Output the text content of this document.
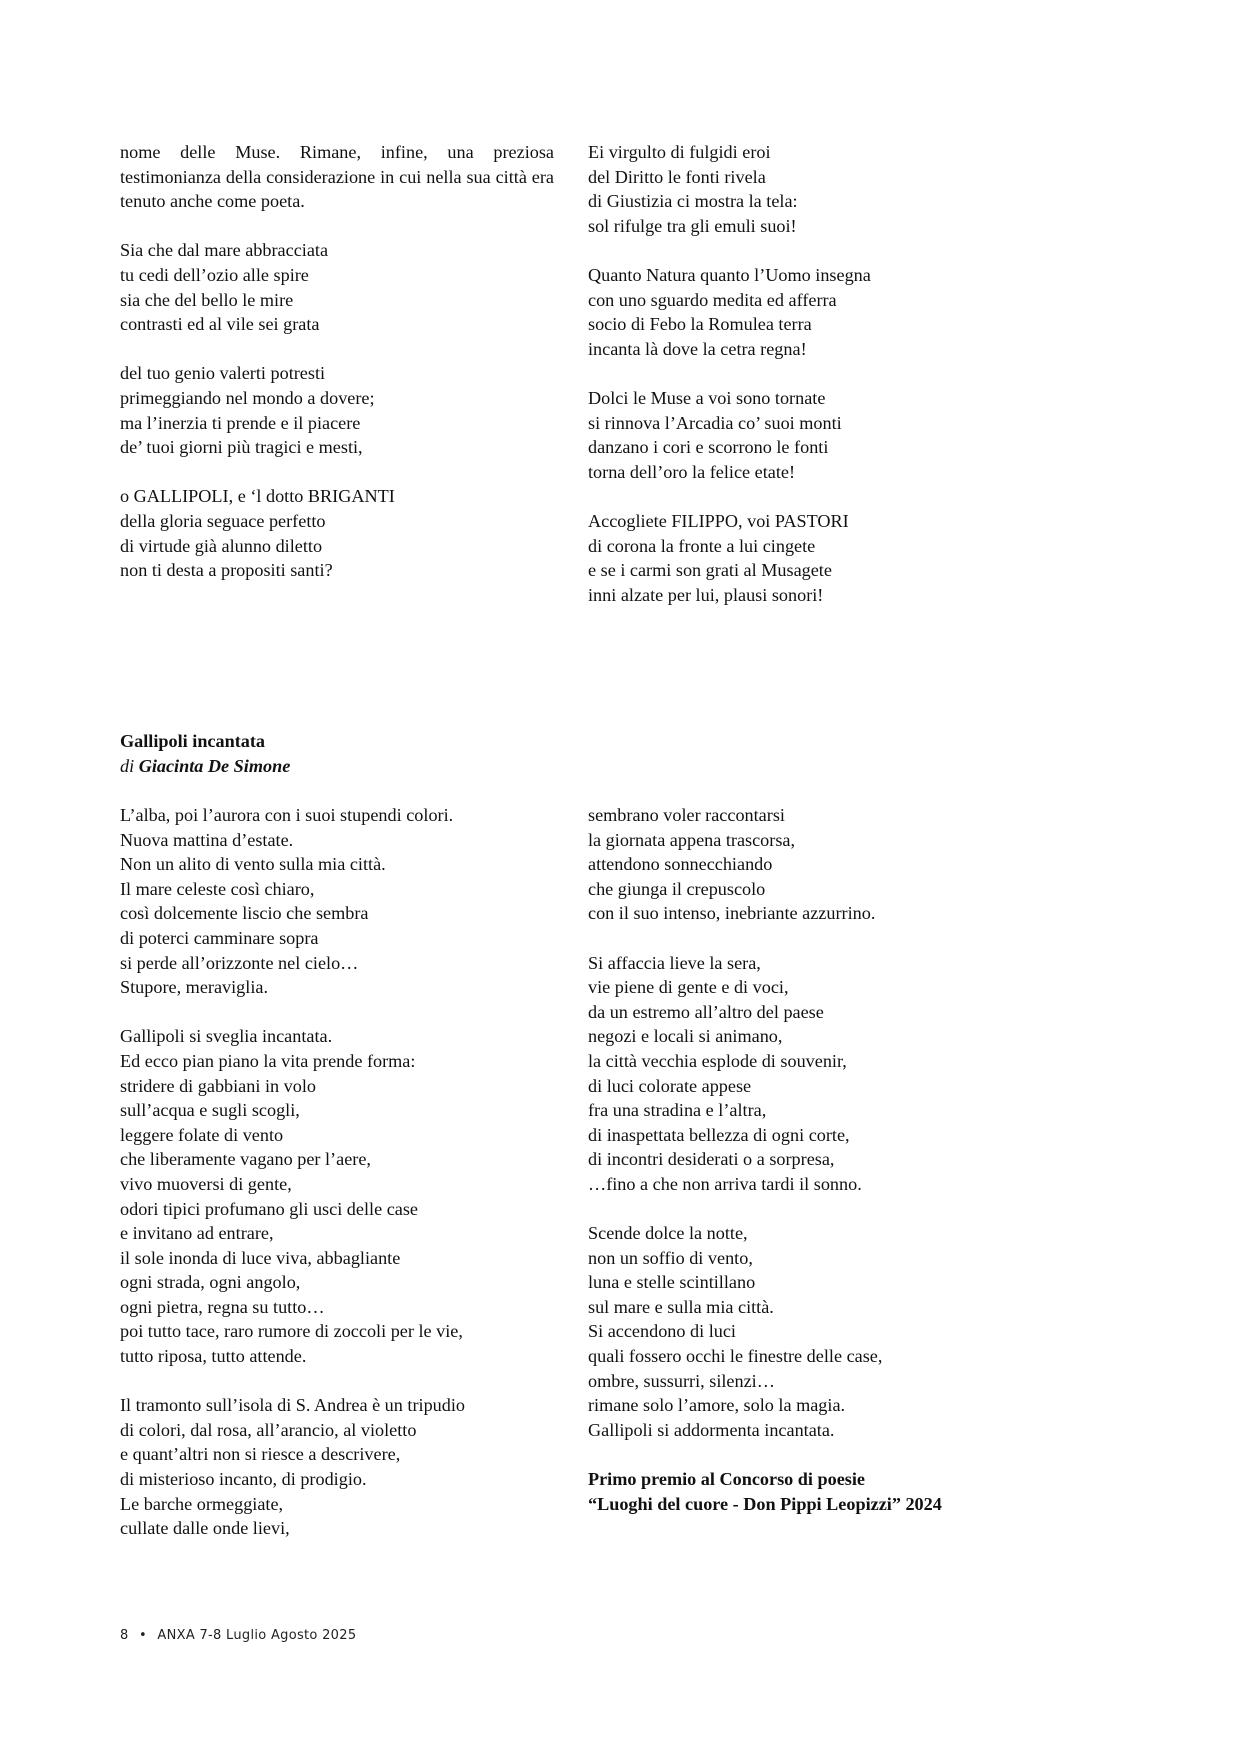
nome delle Muse. Rimane, infine, una preziosa testimonianza della considerazione in cui nella sua città era tenuto anche come poeta.
Sia che dal mare abbracciata
tu cedi dell’ozio alle spire
sia che del bello le mire
contrasti ed al vile sei grata
del tuo genio valerti potresti
primeggiando nel mondo a dovere;
ma l’inerzia ti prende e il piacere
de’ tuoi giorni più tragici e mesti,
o GALLIPOLI, e ‘l dotto BRIGANTI
della gloria seguace perfetto
di virtude già alunno diletto
non ti desta a propositi santi?
Ei virgulto di fulgidi eroi
del Diritto le fonti rivela
di Giustizia ci mostra la tela:
sol rifulge tra gli emuli suoi!
Quanto Natura quanto l’Uomo insegna
con uno sguardo medita ed afferra
socio di Febo la Romulea terra
incanta là dove la cetra regna!
Dolci le Muse a voi sono tornate
si rinnova l’Arcadia co’ suoi monti
danzano i cori e scorrono le fonti
torna dell’oro la felice etate!
Accogliete FILIPPO, voi PASTORI
di corona la fronte a lui cingete
e se i carmi son grati al Musagete
inni alzate per lui, plausi sonori!
Gallipoli incantata
di Giacinta De Simone
L’alba, poi l’aurora con i suoi stupendi colori.
Nuova mattina d’estate.
Non un alito di vento sulla mia città.
Il mare celeste così chiaro,
così dolcemente liscio che sembra
di poterci camminare sopra
si perde all’orizzonte nel cielo…
Stupore, meraviglia.
Gallipoli si sveglia incantata.
Ed ecco pian piano la vita prende forma:
stridere di gabbiani in volo
sull’acqua e sugli scogli,
leggere folate di vento
che liberamente vagano per l’aere,
vivo muoversi di gente,
odori tipici profumano gli usci delle case
e invitano ad entrare,
il sole inonda di luce viva, abbagliante
ogni strada, ogni angolo,
ogni pietra, regna su tutto…
poi tutto tace, raro rumore di zoccoli per le vie,
tutto riposa, tutto attende.
Il tramonto sull’isola di S. Andrea è un tripudio
di colori, dal rosa, all’arancio, al violetto
e quant’altri non si riesce a descrivere,
di misterioso incanto, di prodigio.
Le barche ormeggiate,
cullate dalle onde lievi,
sembrano voler raccontarsi
la giornata appena trascorsa,
attendono sonnecchiando
che giunga il crepuscolo
con il suo intenso, inebriante azzurrino.
Si affaccia lieve la sera,
vie piene di gente e di voci,
da un estremo all’altro del paese
negozi e locali si animano,
la città vecchia esplode di souvenir,
di luci colorate appese
fra una stradina e l’altra,
di inaspettata bellezza di ogni corte,
di incontri desiderati o a sorpresa,
…fino a che non arriva tardi il sonno.
Scende dolce la notte,
non un soffio di vento,
luna e stelle scintillano
sul mare e sulla mia città.
Si accendono di luci
quali fossero occhi le finestre delle case,
ombre, sussurri, silenzi…
rimane solo l’amore, solo la magia.
Gallipoli si addormenta incantata.
Primo premio al Concorso di poesie
“Luoghi del cuore - Don Pippi Leopizzi” 2024
8 • ANXA 7-8 Luglio Agosto 2025
